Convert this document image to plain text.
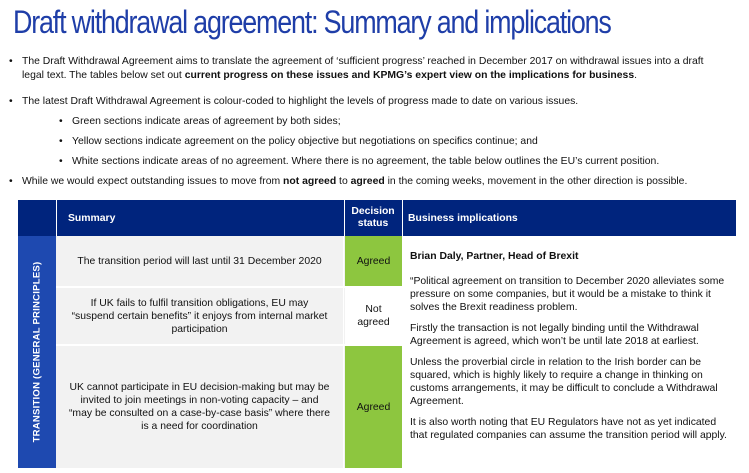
Draft withdrawal agreement: Summary and implications
• The Draft Withdrawal Agreement aims to translate the agreement of ‘sufficient progress’ reached in December 2017 on withdrawal issues into a draft legal text. The tables below set out current progress on these issues and KPMG’s expert view on the implications for business.
• The latest Draft Withdrawal Agreement is colour-coded to highlight the levels of progress made to date on various issues.
• Green sections indicate areas of agreement by both sides;
• Yellow sections indicate agreement on the policy objective but negotiations on specifics continue; and
• White sections indicate areas of no agreement. Where there is no agreement, the table below outlines the EU’s current position.
• While we would expect outstanding issues to move from not agreed to agreed in the coming weeks, movement in the other direction is possible.
Summary
Decision
status	Business implications
TRANSITION (GENERAL PRINCIPLES)
The transition period will last until 31 December 2020	Agreed
If UK fails to fulfil transition obligations, EU may “suspend certain benefits” it enjoys from internal market participation
Not agreed
UK cannot participate in EU decision-making but may be invited to join meetings in non-voting capacity – and “may be consulted on a case-by-case basis” where there is a need for coordination
Agreed

Brian Daly, Partner, Head of Brexit

“Political agreement on transition to December 2020 alleviates some pressure on some companies, but it would be a mistake to think it solves the Brexit readiness problem.

Firstly the transaction is not legally binding until the Withdrawal Agreement is agreed, which won’t be until late 2018 at earliest.

Unless the proverbial circle in relation to the Irish border can be squared, which is highly likely to require a change in thinking on customs arrangements, it may be difficult to conclude a Withdrawal Agreement.

It is also worth noting that EU Regulators have not as yet indicated that regulated companies can assume the transition period will apply.
